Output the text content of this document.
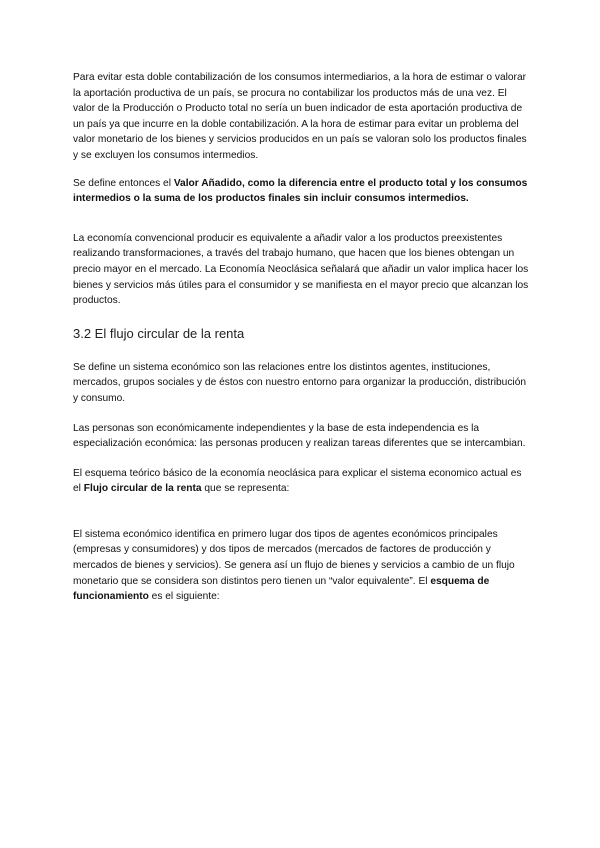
Para evitar esta doble contabilización de los consumos intermediarios, a la hora de estimar o valorar la aportación productiva de un país, se procura no contabilizar los productos más de una vez. El valor de la Producción o Producto total no sería un buen indicador de esta aportación productiva de un país ya que incurre en la doble contabilización. A la hora de estimar para evitar un problema del valor monetario de los bienes y servicios producidos en un país se valoran solo los productos finales y se excluyen los consumos intermedios.

Se define entonces el Valor Añadido, como la diferencia entre el producto total y los consumos intermedios o la suma de los productos finales sin incluir consumos intermedios.

La economía convencional producir es equivalente a añadir valor a los productos preexistentes realizando transformaciones, a través del trabajo humano, que hacen que los bienes obtengan un precio mayor en el mercado. La Economía Neoclásica señalará que añadir un valor implica hacer los bienes y servicios más útiles para el consumidor y se manifiesta en el mayor precio que alcanzan los productos.

3.2 El flujo circular de la renta

Se define un sistema económico son las relaciones entre los distintos agentes, instituciones, mercados, grupos sociales y de éstos con nuestro entorno para organizar la producción, distribución y consumo.

Las personas son económicamente independientes y la base de esta independencia es la especialización económica: las personas producen y realizan tareas diferentes que se intercambian.

El esquema teórico básico de la economía neoclásica para explicar el sistema economico actual es el Flujo circular de la renta que se representa:

El sistema económico identifica en primero lugar dos tipos de agentes económicos principales (empresas y consumidores) y dos tipos de mercados (mercados de factores de producción y mercados de bienes y servicios). Se genera así un flujo de bienes y servicios a cambio de un flujo monetario que se considera son distintos pero tienen un “valor equivalente”. El esquema de funcionamiento es el siguiente:
